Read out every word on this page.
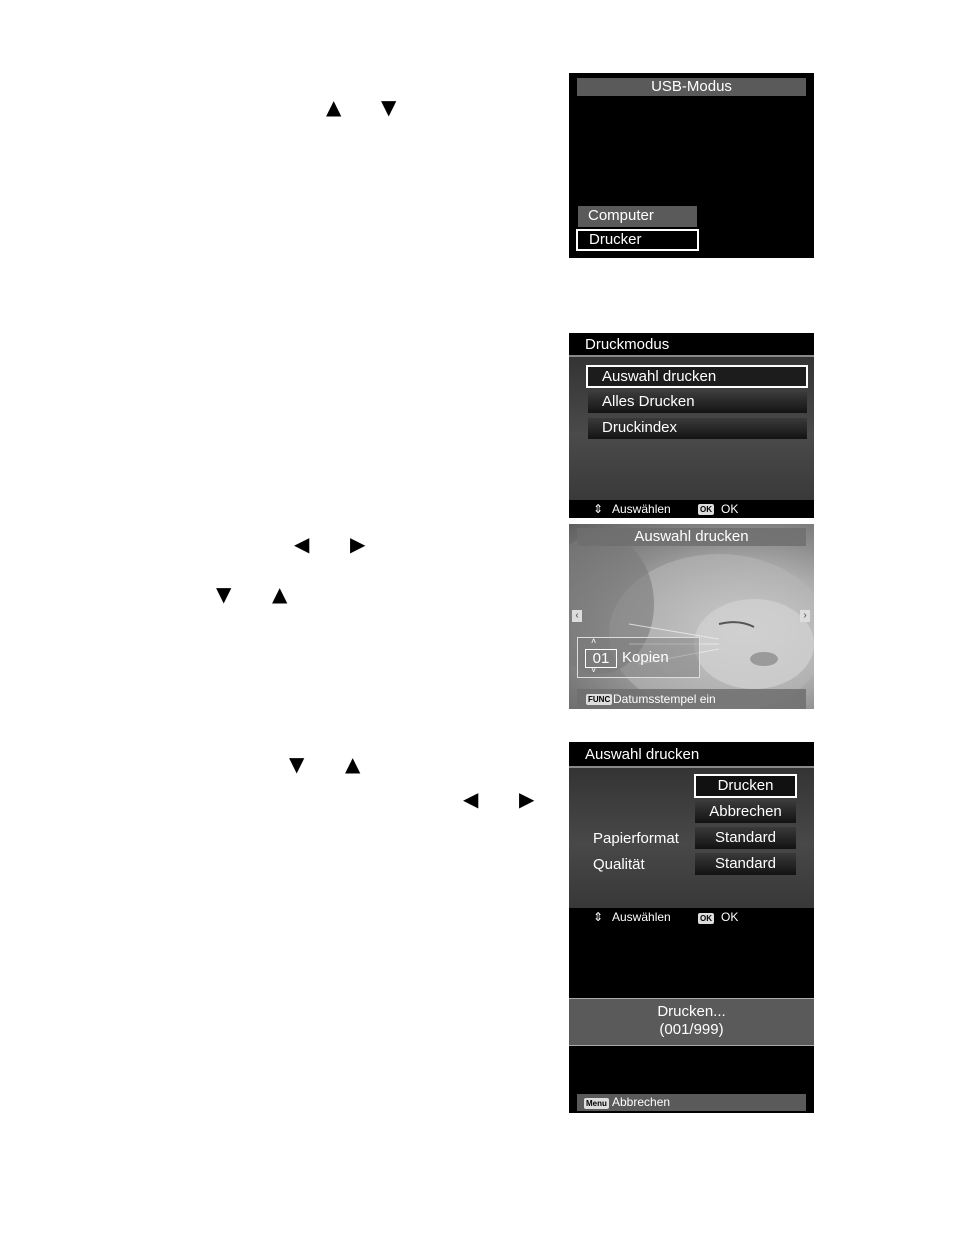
▲ ▼
◀ ▶
▼ ▲
▼ ▲
◀ ▶
USB-Modus
Computer
Drucker
Druckmodus
Auswahl drucken
Alles Drucken
Druckindex
⇕ Auswählen	OK OK
Auswahl drucken
‹	›
˄
01
˅
Kopien
FUNC Datumsstempel ein
Auswahl drucken
Drucken
Abbrechen
Papierformat	Standard
Qualität	Standard
⇕ Auswählen	OK OK
Drucken...
(001/999)
Menu Abbrechen
